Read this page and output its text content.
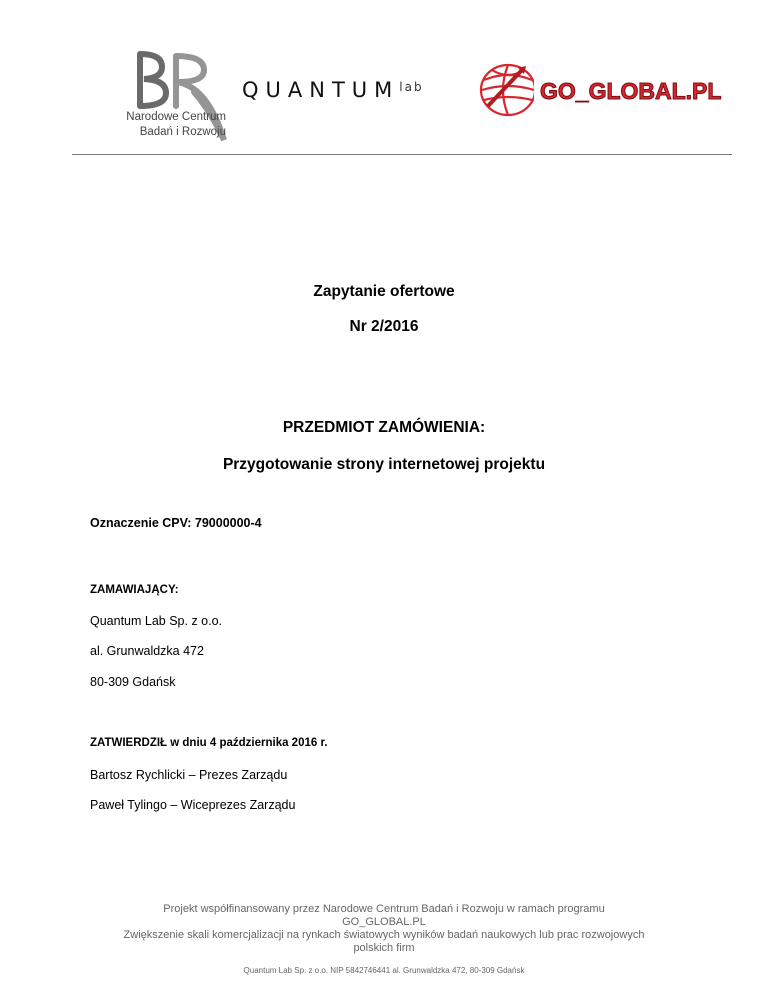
Narodowe Centrum
Badań i Rozwoju
$QUANTUM^{lab}$	GO_GLOBAL.PL
Zapytanie ofertowe
Nr 2/2016
PRZEDMIOT ZAMÓWIENIA:
Przygotowanie strony internetowej projektu
Oznaczenie CPV: 79000000-4
ZAMAWIAJĄCY:
Quantum Lab Sp. z o.o.
al. Grunwaldzka 472
80-309 Gdańsk
ZATWIERDZIŁ w dniu 4 października 2016 r.
Bartosz Rychlicki – Prezes Zarządu
Paweł Tylingo – Wiceprezes Zarządu
Projekt współfinansowany przez Narodowe Centrum Badań i Rozwoju w ramach programu
GO_GLOBAL.PL
Zwiększenie skali komercjalizacji na rynkach światowych wyników badań naukowych lub prac rozwojowych
polskich firm
Quantum Lab Sp. z o.o. NIP 5842746441 al. Grunwaldzka 472, 80-309 Gdańsk
